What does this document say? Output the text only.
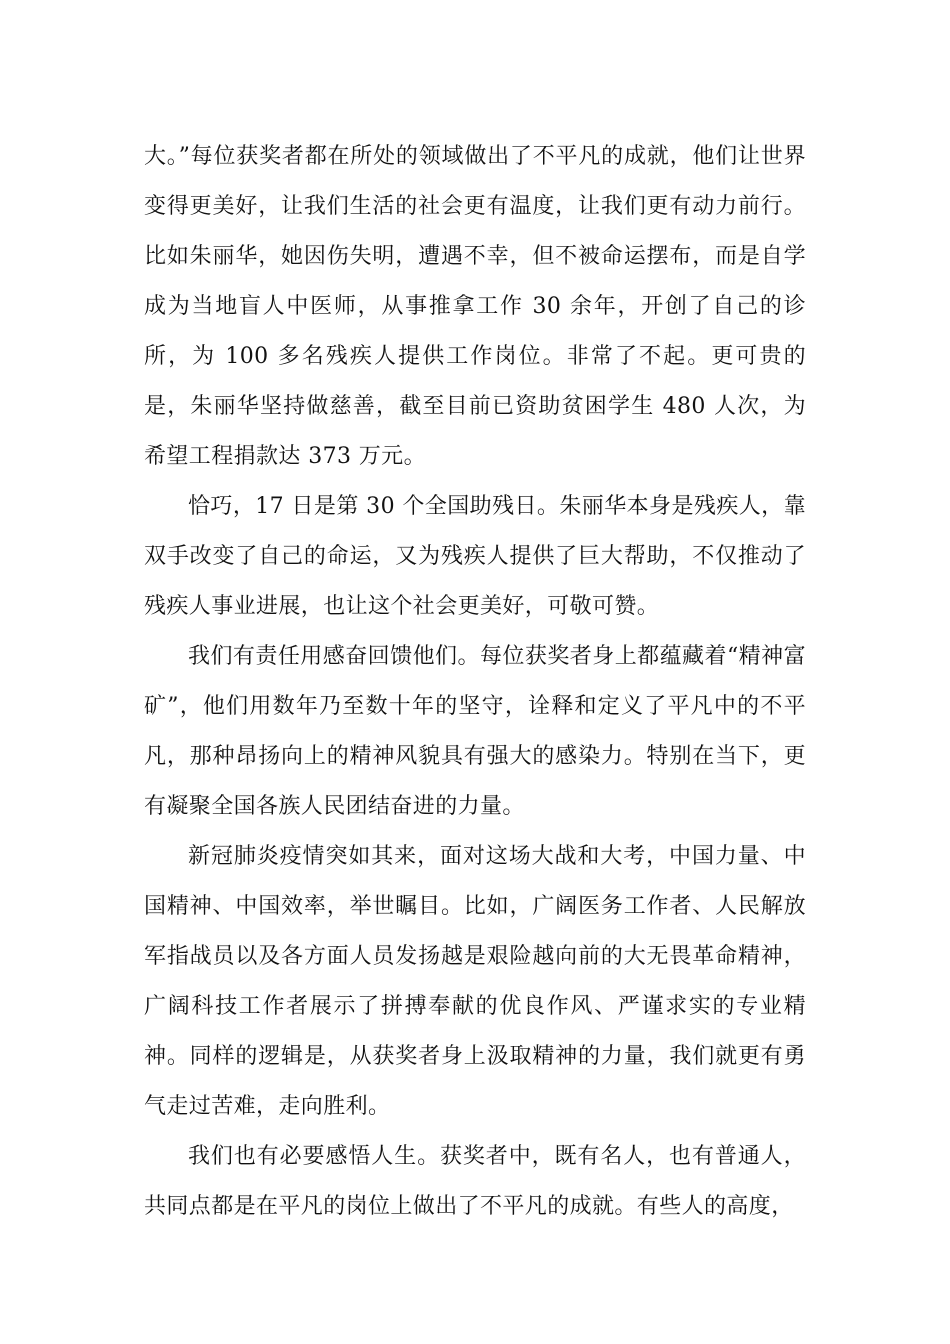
大。”每位获奖者都在所处的领域做出了不平凡的成就，他们让世界变得更美好，让我们生活的社会更有温度，让我们更有动力前行。比如朱丽华，她因伤失明，遭遇不幸，但不被命运摆布，而是自学成为当地盲人中医师，从事推拿工作 30 余年，开创了自己的诊所，为 100 多名残疾人提供工作岗位。非常了不起。更可贵的是，朱丽华坚持做慈善，截至目前已资助贫困学生 480 人次，为希望工程捐款达 373 万元。

恰巧，17 日是第 30 个全国助残日。朱丽华本身是残疾人，靠双手改变了自己的命运，又为残疾人提供了巨大帮助，不仅推动了残疾人事业进展，也让这个社会更美好，可敬可赞。

我们有责任用感奋回馈他们。每位获奖者身上都蕴藏着“精神富矿”，他们用数年乃至数十年的坚守，诠释和定义了平凡中的不平凡，那种昂扬向上的精神风貌具有强大的感染力。特别在当下，更有凝聚全国各族人民团结奋进的力量。

新冠肺炎疫情突如其来，面对这场大战和大考，中国力量、中国精神、中国效率，举世瞩目。比如，广阔医务工作者、人民解放军指战员以及各方面人员发扬越是艰险越向前的大无畏革命精神，广阔科技工作者展示了拼搏奉献的优良作风、严谨求实的专业精神。同样的逻辑是，从获奖者身上汲取精神的力量，我们就更有勇气走过苦难，走向胜利。

我们也有必要感悟人生。获奖者中，既有名人，也有普通人，共同点都是在平凡的岗位上做出了不平凡的成就。有些人的高度，
